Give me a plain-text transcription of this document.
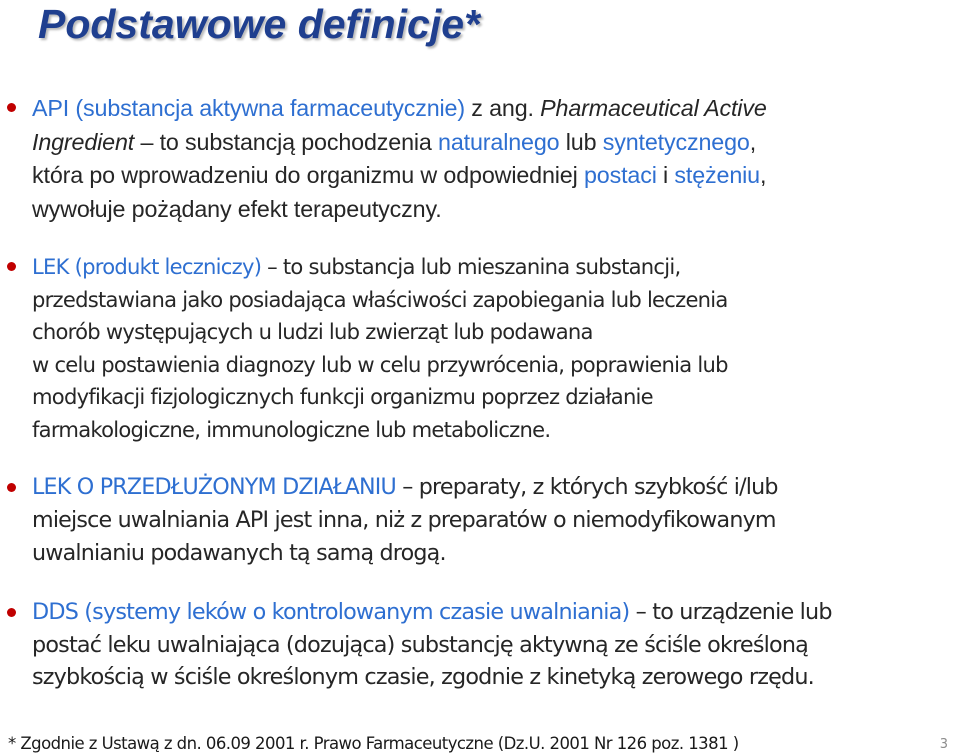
Podstawowe definicje*
API (substancja aktywna farmaceutycznie) z ang. Pharmaceutical Active
Ingredient – to substancją pochodzenia naturalnego lub syntetycznego,
która po wprowadzeniu do organizmu w odpowiedniej postaci i stężeniu,
wywołuje pożądany efekt terapeutyczny.
LEK (produkt leczniczy) – to substancja lub mieszanina substancji,
przedstawiana jako posiadająca właściwości zapobiegania lub leczenia
chorób występujących u ludzi lub zwierząt lub podawana
w celu postawienia diagnozy lub w celu przywrócenia, poprawienia lub
modyfikacji fizjologicznych funkcji organizmu poprzez działanie
farmakologiczne, immunologiczne lub metaboliczne.
LEK O PRZEDŁUŻONYM DZIAŁANIU – preparaty, z których szybkość i/lub
miejsce uwalniania API jest inna, niż z preparatów o niemodyfikowanym
uwalnianiu podawanych tą samą drogą.
DDS (systemy leków o kontrolowanym czasie uwalniania) – to urządzenie lub
postać leku uwalniająca (dozująca) substancję aktywną ze ściśle określoną
szybkością w ściśle określonym czasie, zgodnie z kinetyką zerowego rzędu.
* Zgodnie z Ustawą z dn. 06.09 2001 r. Prawo Farmaceutyczne (Dz.U. 2001 Nr 126 poz. 1381 )	3
